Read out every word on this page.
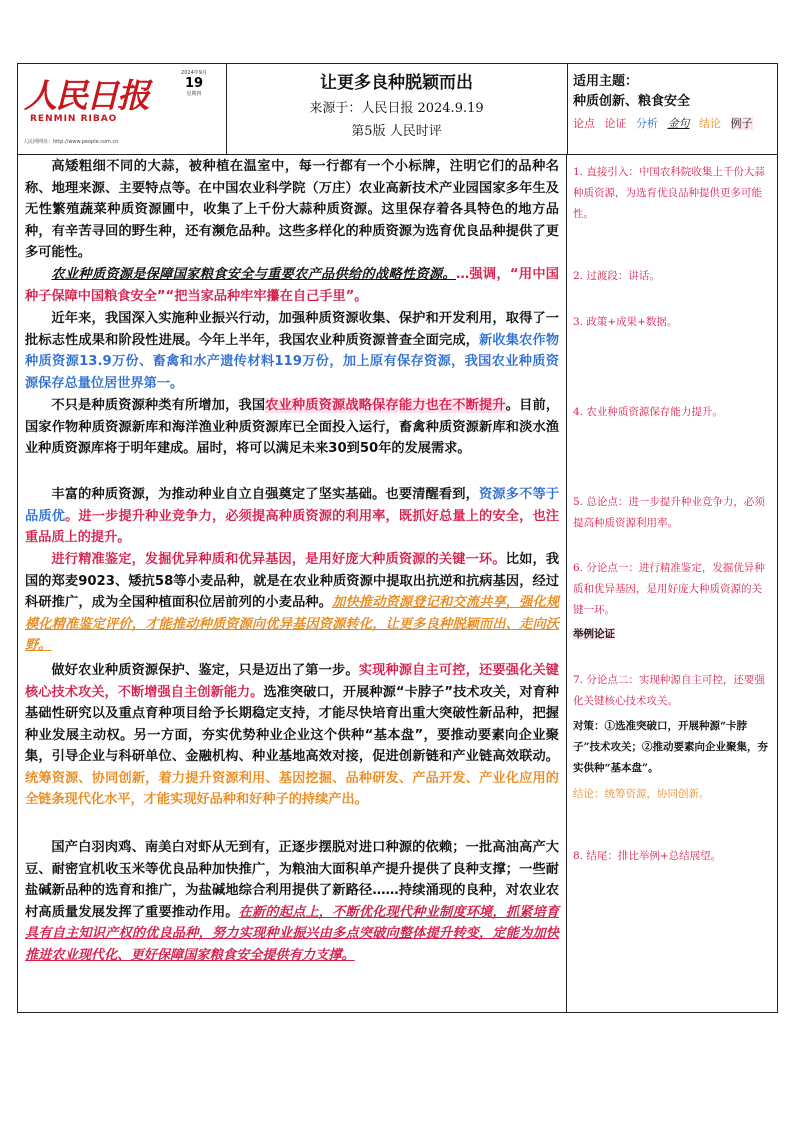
人民日报
RENMIN RIBAO
人民网网址：http://www.people.com.cn
2024年9月
19
星期四
让更多良种脱颖而出
来源于：人民日报 2024.9.19
第5版 人民时评
适用主题：
种质创新、粮食安全
论点 论证 分析 金句 结论 例子
高矮粗细不同的大蒜，被种植在温室中，每一行都有一个小标牌，注明它们的品种名称、地理来源、主要特点等。在中国农业科学院（万庄）农业高新技术产业园国家多年生及无性繁殖蔬菜种质资源圃中，收集了上千份大蒜种质资源。这里保存着各具特色的地方品种，有辛苦寻回的野生种，还有濒危品种。这些多样化的种质资源为选育优良品种提供了更多可能性。
农业种质资源是保障国家粮食安全与重要农产品供给的战略性资源。…强调，“用中国种子保障中国粮食安全”“把当家品种牢牢攥在自己手里”。
近年来，我国深入实施种业振兴行动，加强种质资源收集、保护和开发利用，取得了一批标志性成果和阶段性进展。今年上半年，我国农业种质资源普查全面完成，新收集农作物种质资源13.9万份、畜禽和水产遗传材料119万份，加上原有保存资源，我国农业种质资源保存总量位居世界第一。
不只是种质资源种类有所增加，我国农业种质资源战略保存能力也在不断提升。目前，国家作物种质资源新库和海洋渔业种质资源库已全面投入运行，畜禽种质资源新库和淡水渔业种质资源库将于明年建成。届时，将可以满足未来30到50年的发展需求。
丰富的种质资源，为推动种业自立自强奠定了坚实基础。也要清醒看到，资源多不等于品质优。进一步提升种业竞争力，必须提高种质资源的利用率，既抓好总量上的安全，也注重品质上的提升。
进行精准鉴定，发掘优异种质和优异基因，是用好庞大种质资源的关键一环。比如，我国的郑麦9023、矮抗58等小麦品种，就是在农业种质资源中提取出抗逆和抗病基因，经过科研推广，成为全国种植面积位居前列的小麦品种。加快推动资源登记和交流共享，强化规模化精准鉴定评价，才能推动种质资源向优异基因资源转化，让更多良种脱颖而出、走向沃野。
做好农业种质资源保护、鉴定，只是迈出了第一步。实现种源自主可控，还要强化关键核心技术攻关，不断增强自主创新能力。选准突破口，开展种源“卡脖子”技术攻关，对育种基础性研究以及重点育种项目给予长期稳定支持，才能尽快培育出重大突破性新品种，把握种业发展主动权。另一方面，夯实优势种业企业这个供种“基本盘”，要推动要素向企业聚集，引导企业与科研单位、金融机构、种业基地高效对接，促进创新链和产业链高效联动。统筹资源、协同创新，着力提升资源利用、基因挖掘、品种研发、产品开发、产业化应用的全链条现代化水平，才能实现好品种和好种子的持续产出。
国产白羽肉鸡、南美白对虾从无到有，正逐步摆脱对进口种源的依赖；一批高油高产大豆、耐密宜机收玉米等优良品种加快推广，为粮油大面积单产提升提供了良种支撑；一些耐盐碱新品种的选育和推广，为盐碱地综合利用提供了新路径……持续涌现的良种，对农业农村高质量发展发挥了重要推动作用。在新的起点上，不断优化现代种业制度环境，抓紧培育具有自主知识产权的优良品种，努力实现种业振兴由多点突破向整体提升转变，定能为加快推进农业现代化、更好保障国家粮食安全提供有力支撑。
1. 直接引入：中国农科院收集上千份大蒜种质资源，为选育优良品种提供更多可能性。
2. 过渡段：讲话。
3. 政策+成果+数据。
4. 农业种质资源保存能力提升。
5. 总论点：进一步提升种业竞争力，必须提高种质资源利用率。
6. 分论点一：进行精准鉴定，发掘优异种质和优异基因，是用好庞大种质资源的关键一环。
举例论证
7. 分论点二：实现种源自主可控，还要强化关键核心技术攻关。
对策：①选准突破口，开展种源“卡脖子”技术攻关；②推动要素向企业聚集，夯实供种“基本盘”。
结论：统筹资源，协同创新。
8. 结尾：排比举例+总结展望。
